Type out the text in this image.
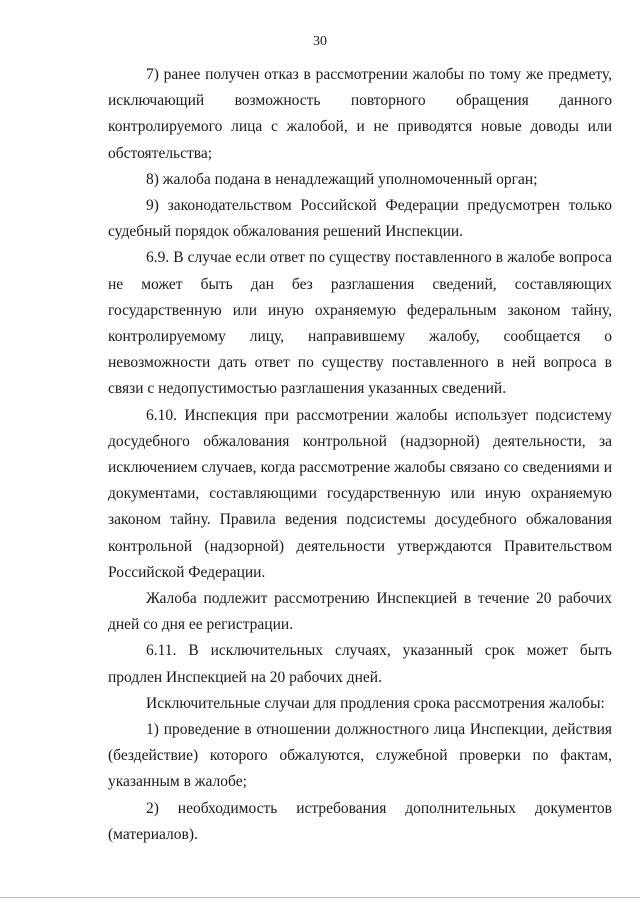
30

7) ранее получен отказ в рассмотрении жалобы по тому же предмету, исключающий возможность повторного обращения данного контролируемого лица с жалобой, и не приводятся новые доводы или обстоятельства;

8) жалоба подана в ненадлежащий уполномоченный орган;

9) законодательством Российской Федерации предусмотрен только судебный порядок обжалования решений Инспекции.

6.9. В случае если ответ по существу поставленного в жалобе вопроса не может быть дан без разглашения сведений, составляющих государственную или иную охраняемую федеральным законом тайну, контролируемому лицу, направившему жалобу, сообщается о невозможности дать ответ по существу поставленного в ней вопроса в связи с недопустимостью разглашения указанных сведений.

6.10. Инспекция при рассмотрении жалобы использует подсистему досудебного обжалования контрольной (надзорной) деятельности, за исключением случаев, когда рассмотрение жалобы связано со сведениями и документами, составляющими государственную или иную охраняемую законом тайну. Правила ведения подсистемы досудебного обжалования контрольной (надзорной) деятельности утверждаются Правительством Российской Федерации.

Жалоба подлежит рассмотрению Инспекцией в течение 20 рабочих дней со дня ее регистрации.

6.11. В исключительных случаях, указанный срок может быть продлен Инспекцией на 20 рабочих дней.

Исключительные случаи для продления срока рассмотрения жалобы:

1) проведение в отношении должностного лица Инспекции, действия (бездействие) которого обжалуются, служебной проверки по фактам, указанным в жалобе;

2) необходимость истребования дополнительных документов (материалов).
